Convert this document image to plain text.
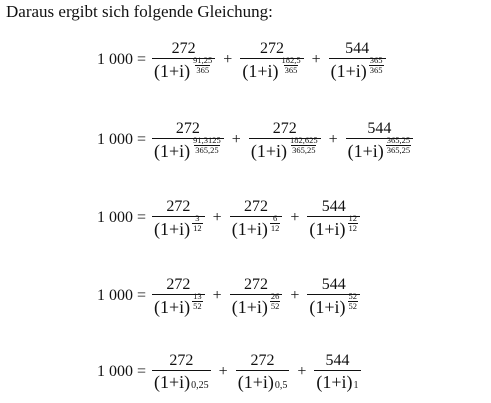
Daraus ergibt sich folgende Gleichung:
1 $000 = \frac{272}{(1+i) \frac{91,25}{365}} + \frac{272}{(1+i) \frac{182,5}{365}} + \frac{544}{(1+i) \frac{365}{365}}$
1 $000 = \frac{272}{(1+i) \frac{91,3125}{365,25}} + \frac{272}{(1+i) \frac{182,625}{365,25}} + \frac{544}{(1+i) \frac{365,25}{365,25}}$
1 $000 = \frac{272}{(1+i) \frac{3}{12}} + \frac{272}{(1+i) \frac{6}{12}} + \frac{544}{(1+i) \frac{12}{12}}$
1 $000 = \frac{272}{(1+i) \frac{13}{52}} + \frac{272}{(1+i) \frac{26}{52}} + \frac{544}{(1+i) \frac{52}{52}}$
1 $000 = \frac{272}{(1+i) 0,25} + \frac{272}{(1+i) 0,5} + \frac{544}{(1+i) 1}$
